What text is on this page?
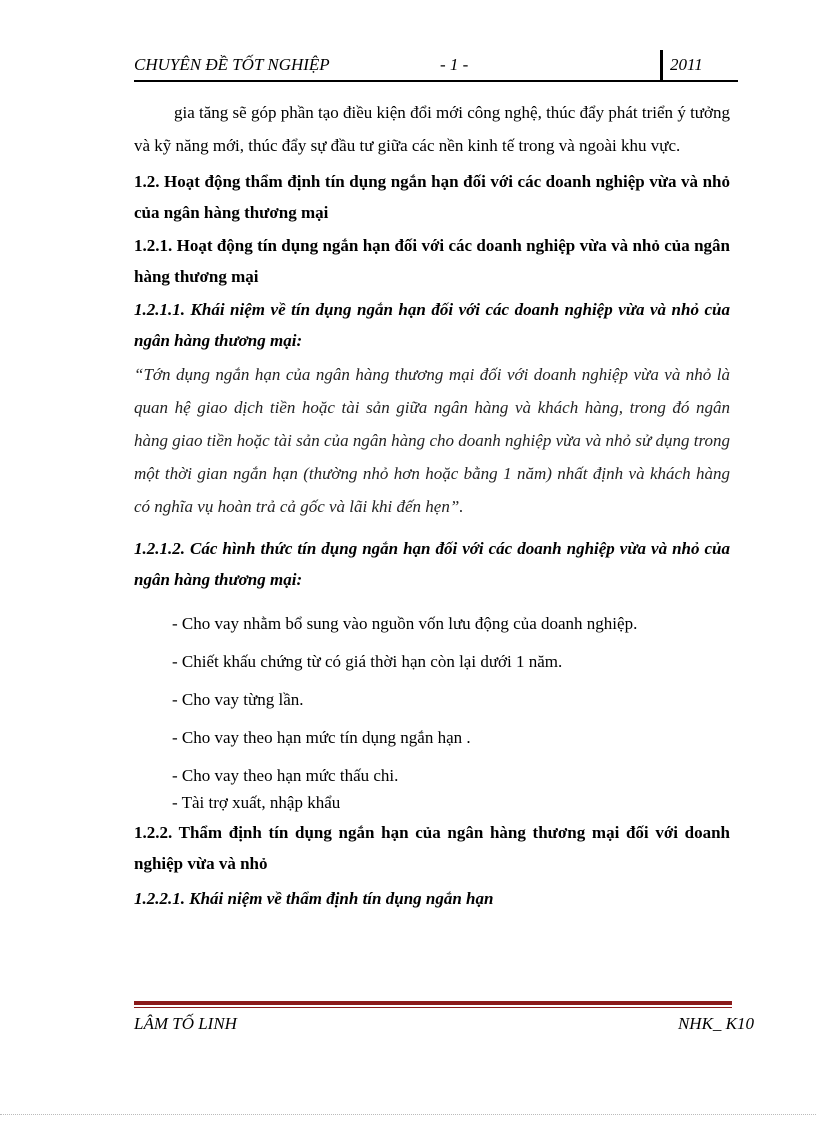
CHUYÊN ĐỀ TỐT NGHIỆP	- 1 -	2011

gia tăng sẽ góp phần tạo điều kiện đổi mới công nghệ, thúc đẩy phát triển ý tưởng và kỹ năng mới, thúc đẩy sự đầu tư giữa các nền kinh tế trong và ngoài khu vực.

1.2. Hoạt động thẩm định tín dụng ngắn hạn đối với các doanh nghiệp vừa và nhỏ của ngân hàng thương mại

1.2.1. Hoạt động tín dụng ngắn hạn đối với các doanh nghiệp vừa và nhỏ của ngân hàng thương mại

1.2.1.1. Khái niệm về tín dụng ngắn hạn đối với các doanh nghiệp vừa và nhỏ của ngân hàng thương mại:

“Tớn dụng ngắn hạn của ngân hàng thương mại đối với doanh nghiệp vừa và nhỏ là quan hệ giao dịch tiền hoặc tài sản giữa ngân hàng và khách hàng, trong đó ngân hàng giao tiền hoặc tài sản của ngân hàng cho doanh nghiệp vừa và nhỏ sử dụng trong một thời gian ngắn hạn (thường nhỏ hơn hoặc bằng 1 năm) nhất định và khách hàng có nghĩa vụ hoàn trả cả gốc và lãi khi đến hẹn”.

1.2.1.2. Các hình thức tín dụng ngắn hạn đối với các doanh nghiệp vừa và nhỏ của ngân hàng thương mại:

- Cho vay nhằm bổ sung vào nguồn vốn lưu động của doanh nghiệp.
- Chiết khấu chứng từ có giá thời hạn còn lại dưới 1 năm.
- Cho vay từng lần.
- Cho vay theo hạn mức tín dụng ngắn hạn .
- Cho vay theo hạn mức thấu chi.
- Tài trợ xuất, nhập khẩu

1.2.2. Thẩm định tín dụng ngắn hạn của ngân hàng thương mại đối với doanh nghiệp vừa và nhỏ

1.2.2.1. Khái niệm về thẩm định tín dụng ngắn hạn

LÂM TỐ LINH	NHK_ K10
